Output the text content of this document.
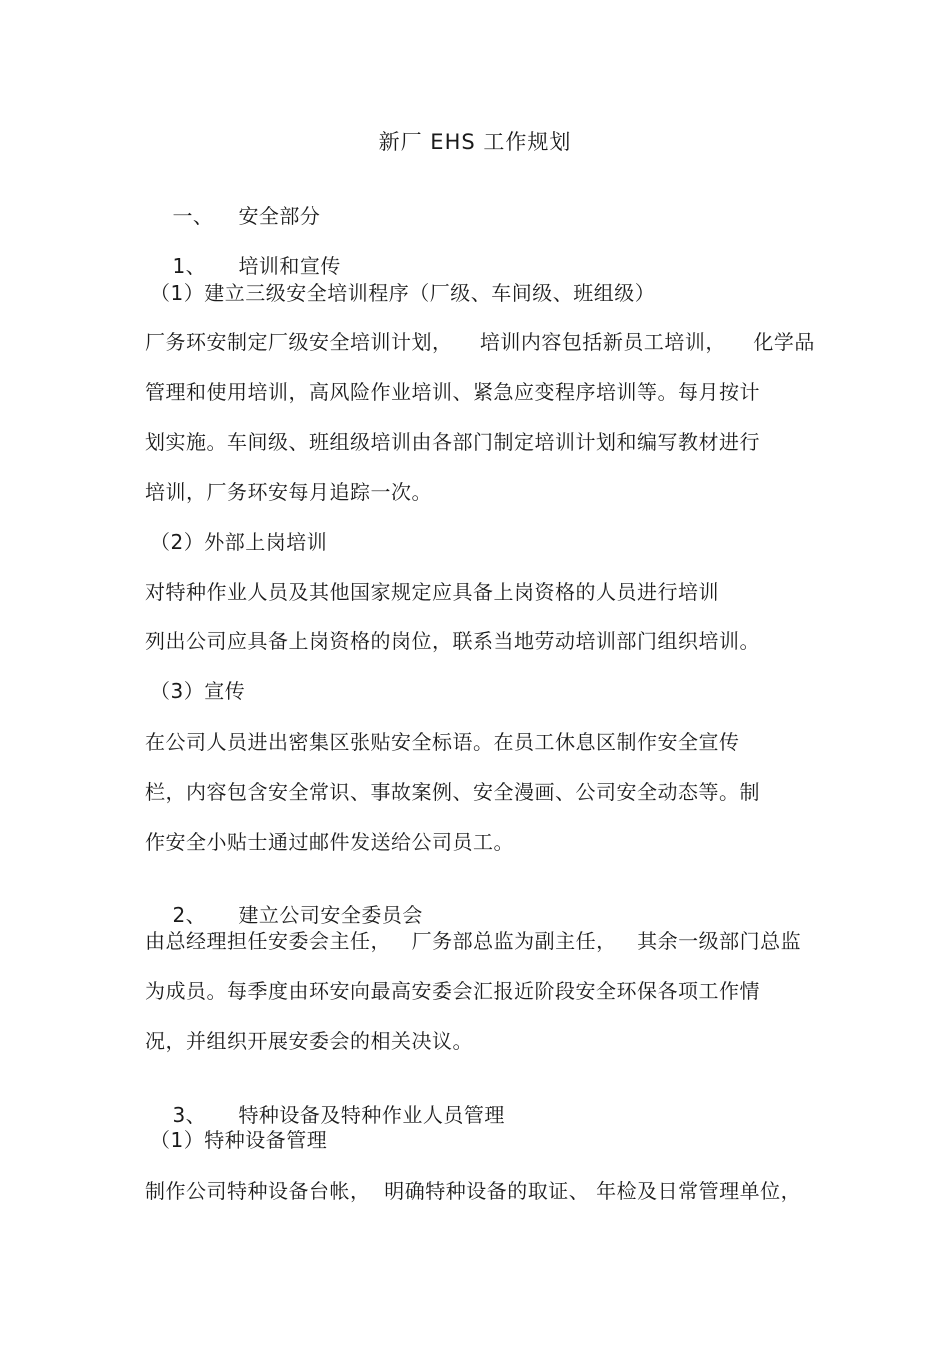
新厂 EHS 工作规划

一、 安全部分

1、 培训和宣传

（1）建立三级安全培训程序（厂级、车间级、班组级）
厂务环安制定厂级安全培训计划，    培训内容包括新员工培训，    化学品
管理和使用培训，高风险作业培训、紧急应变程序培训等。每月按计
划实施。车间级、班组级培训由各部门制定培训计划和编写教材进行
培训，厂务环安每月追踪一次。
（2）外部上岗培训
对特种作业人员及其他国家规定应具备上岗资格的人员进行培训
列出公司应具备上岗资格的岗位，联系当地劳动培训部门组织培训。
（3）宣传
在公司人员进出密集区张贴安全标语。在员工休息区制作安全宣传
栏，内容包含安全常识、事故案例、安全漫画、公司安全动态等。制
作安全小贴士通过邮件发送给公司员工。

2、 建立公司安全委员会

由总经理担任安委会主任，   厂务部总监为副主任，   其余一级部门总监
为成员。每季度由环安向最高安委会汇报近阶段安全环保各项工作情
况，并组织开展安委会的相关决议。

3、 特种设备及特种作业人员管理

（1）特种设备管理
制作公司特种设备台帐，  明确特种设备的取证、 年检及日常管理单位，
